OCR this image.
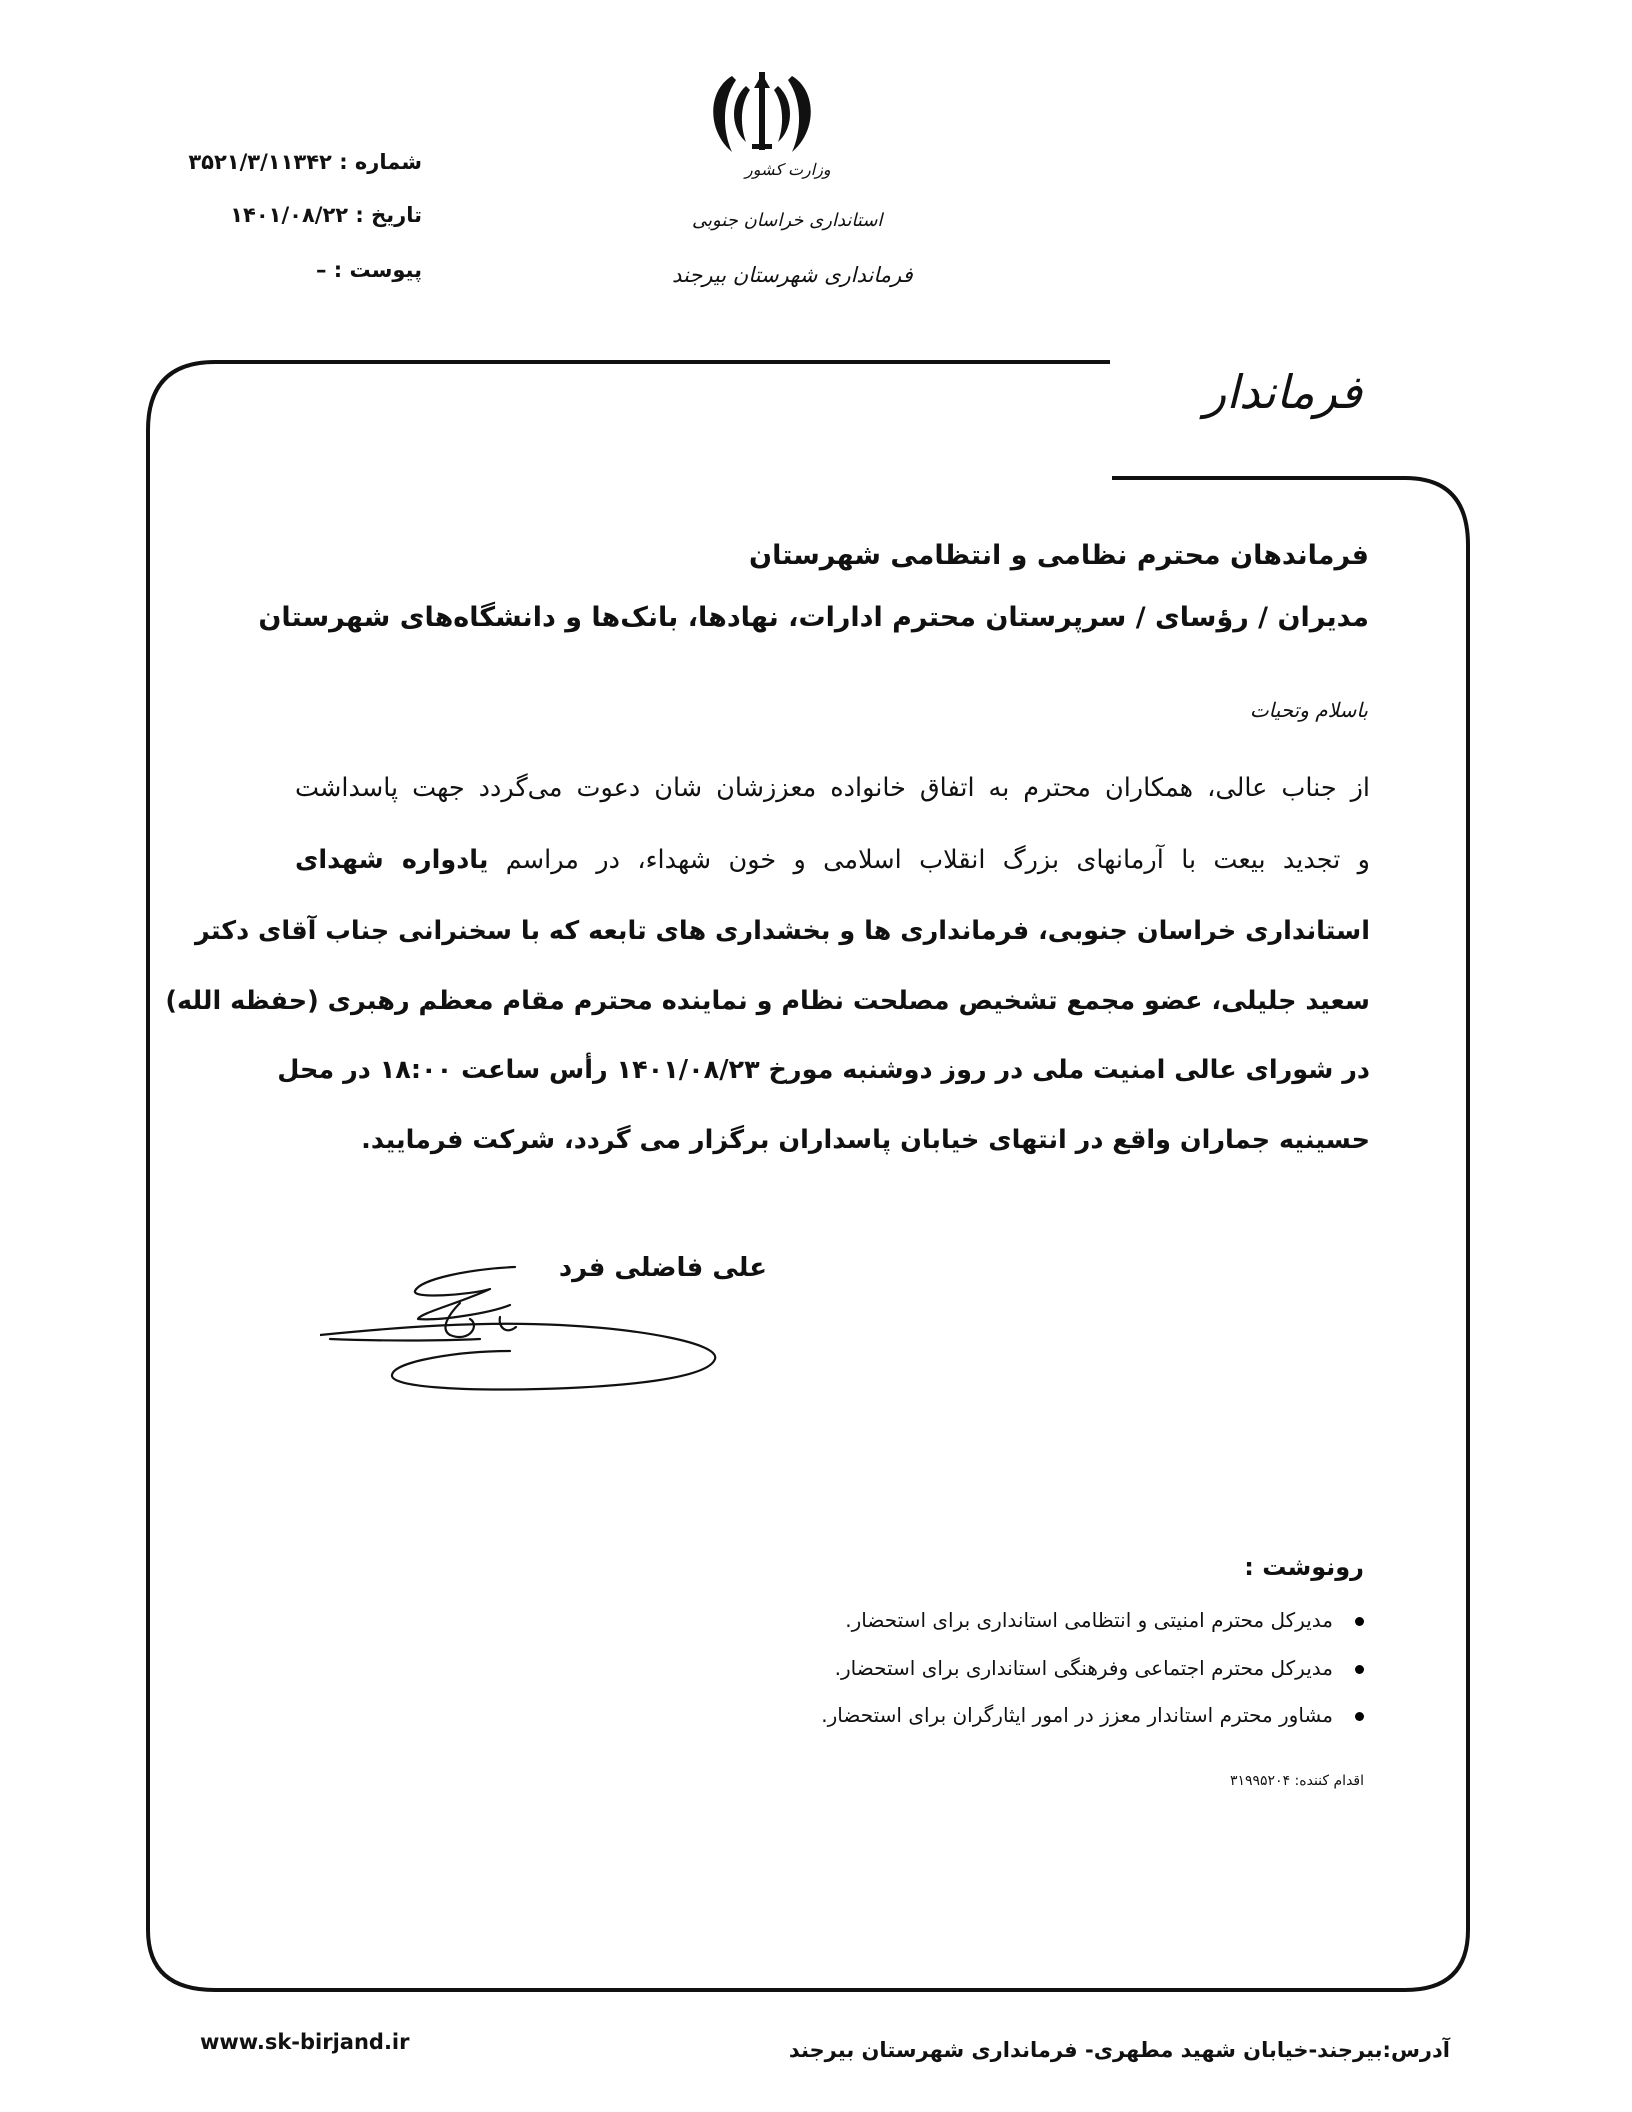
وزارت کشور
استانداری خراسان جنوبی
فرمانداری شهرستان بیرجند
شماره : ۳۵۲۱/۳/۱۱۳۴۲
تاریخ : ۱۴۰۱/۰۸/۲۲
پیوست : –
فرماندار
فرماندهان محترم نظامی و انتظامی شهرستان
مدیران / رؤسای / سرپرستان محترم ادارات، نهادها، بانک‌ها و دانشگاه‌های شهرستان
باسلام وتحیات
از جناب عالی، همکاران محترم به اتفاق خانواده معززشان شان دعوت می‌گردد جهت پاسداشت
و تجدید بیعت با آرمانهای بزرگ انقلاب اسلامی و خون شهداء، در مراسم یادواره شهدای
استانداری خراسان جنوبی، فرمانداری ها و بخشداری های تابعه که با سخنرانی جناب آقای دکتر
سعید جلیلی، عضو مجمع تشخیص مصلحت نظام و نماینده محترم مقام معظم رهبری (حفظه الله)
در شورای عالی امنیت ملی در روز دوشنبه مورخ ۱۴۰۱/۰۸/۲۳ رأس ساعت ۱۸:۰۰ در محل
حسینیه جماران واقع در انتهای خیابان پاسداران برگزار می گردد، شرکت فرمایید.
علی فاضلی فرد
رونوشت :
مدیرکل محترم امنیتی و انتظامی استانداری برای استحضار.
مدیرکل محترم اجتماعی وفرهنگی استانداری برای استحضار.
مشاور محترم استاندار معزز در امور ایثارگران برای استحضار.
اقدام کننده: ۳۱۹۹۵۲۰۴
www.sk-birjand.ir	آدرس:بیرجند-خیابان شهید مطهری- فرمانداری شهرستان بیرجند
